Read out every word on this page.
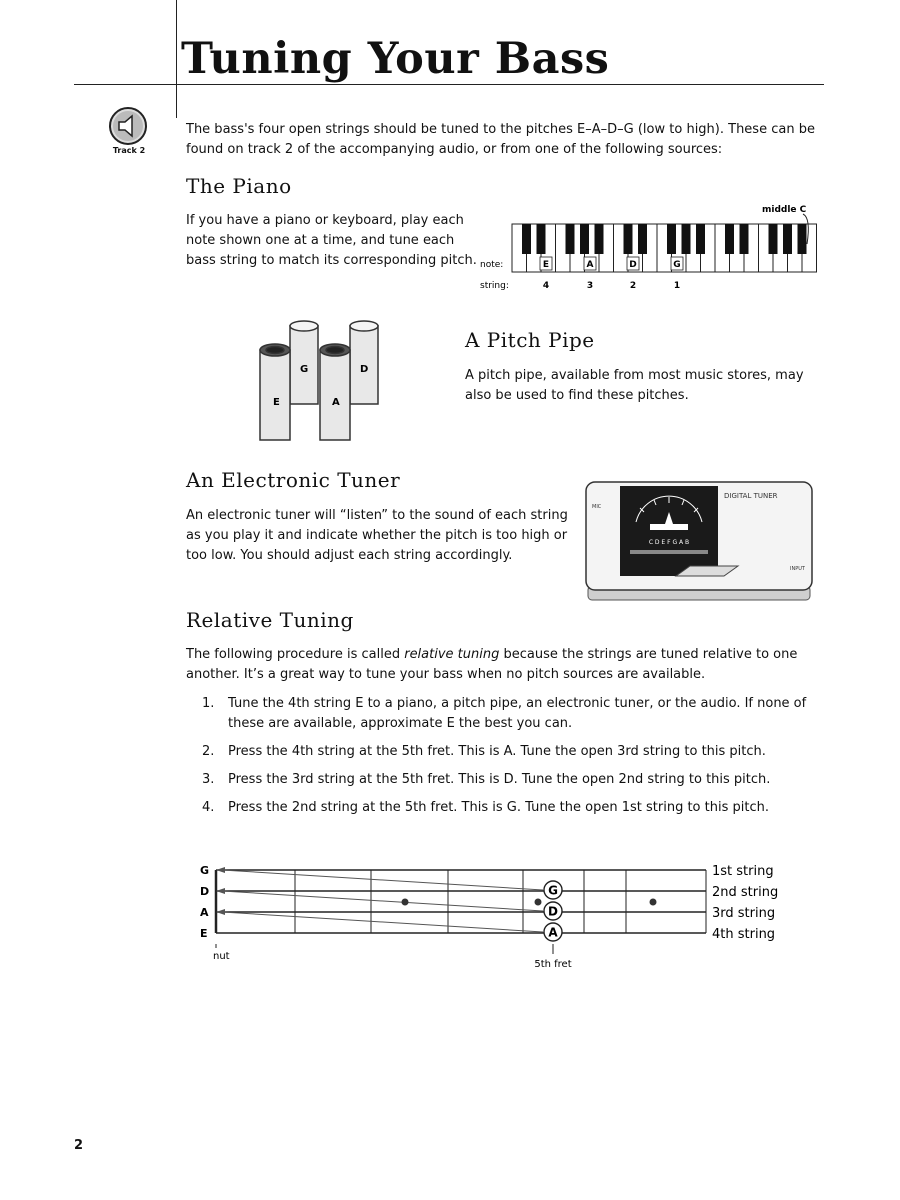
Tuning Your Bass
Track 2

The bass's four open strings should be tuned to the pitches E–A–D–G (low to high). These can be found on track 2 of the accompanying audio, or from one of the following sources:

The Piano

If you have a piano or keyboard, play each note shown one at a time, and tune each bass string to match its corresponding pitch.

middle C
note:
string:
E	A	D	G
4	3	2	1
E
G
A
D
A Pitch Pipe

A pitch pipe, available from most music stores, may also be used to find these pitches.

An Electronic Tuner

An electronic tuner will “listen” to the sound of each string as you play it and indicate whether the pitch is too high or too low. You should adjust each string accordingly.

C D E F G A B
DIGITAL TUNER
MIC
INPUT
Relative Tuning

The following procedure is called relative tuning because the strings are tuned relative to one another. It’s a great way to tune your bass when no pitch sources are available.

1.	Tune the 4th string E to a piano, a pitch pipe, an electronic tuner, or the audio. If none of these are available, approximate E the best you can.
2.	Press the 4th string at the 5th fret. This is A. Tune the open 3rd string to this pitch.
3.	Press the 3rd string at the 5th fret. This is D. Tune the open 2nd string to this pitch.
4.	Press the 2nd string at the 5th fret. This is G. Tune the open 1st string to this pitch.
G
D
A
E
1st string
2nd string
3rd string
4th string
G
D
A
nut
5th fret
2
